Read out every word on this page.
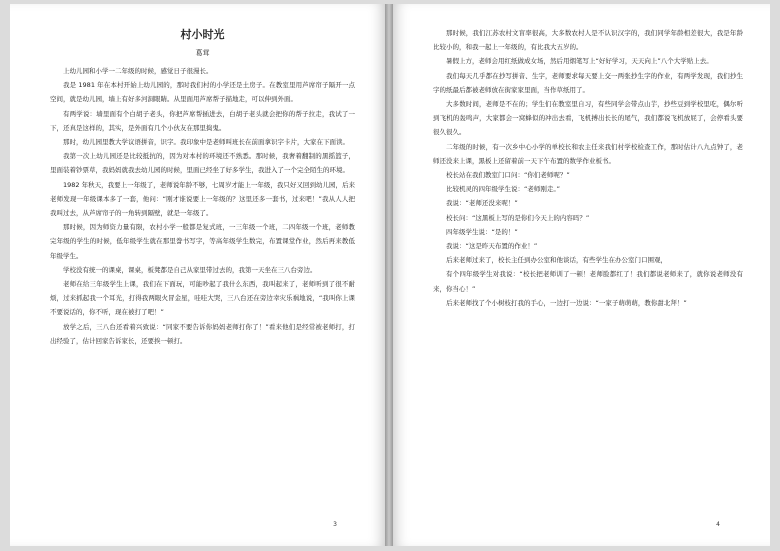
村小时光
葛茸

上幼儿园和小学一二年级的时候，感觉日子很漫长。

我是 1981 年在本村开始上幼儿园的，那时我们村的小学还是土房子。在教室里用芦席帘子隔开一点空间，就是幼儿园，墙上有好多河洞眼睛。从里面用芦席帮子描地走，可以伸到外面。

有两学说：墙里面有个白胡子老头，你把芦席帮插进去，白胡子老头就会把你的帮子拉走，我试了一下，还真是这样的，其实，是外面有几个小伙友在那里捣鬼。

那时，幼儿园里教大学议语拼音，识字。我印象中是老师叫班长在前面拿识字卡片，大家在下面读。

我第一次上幼儿园还是比较抵抗的，因为对本村的环境还不熟悉。那时候，我奢着翻制的黑摇篮子，里面装着钞票草，我妈妈就我去幼儿园的时候，里面已经坐了好多学生，我进入了一个完全陌生的环境。

1982 年秋天，我要上一年级了，老师说年龄不够，七周岁才能上一年级，我只好又回到幼儿园，后来老师发现一年级课本多了一套，他问：“刚才谁说要上一年级的？这里还多一套书，过来吧！”我从人人把我叫过去，从芦席帘子的一角转到隔壁，就是一年级了。

那时候，因为师资力量有限，农村小学一般都是复式班，一三年级一个班，二四年级一个班，老师教完年级的学生的时候，低年级学生就在那里誊书写字，等高年级学生数完，布置课堂作业，然后再来教低年级学生。

学校没有统一的课桌，课桌，板凳都是自己从家里带过去的，我第一天坐在三八台旁边。

老师在给三年级学生上课，我们在下面玩，可能吵起了我什么东西，我叫起来了，老师听到了很不耐烦，过来抓起我一个耳光，打得我两眼火冒金星，哇哇大哭，三八台还在旁边幸灾乐祸地说，“我叫你上课不要说话的，你不听，现在被打了吧！”

放学之后，三八台还看着兴致说：“同家不要告诉你妈妈老师打你了！”看来他们是经常被老师打，打出经验了，估计回家告诉家长，还要挨一顿打。

3

那时候，我们江苏农村文盲率很高，大多数农村人是不认识汉字的，我们同学年龄相差很大，我是年龄比较小的，和我一起上一年级的，有比我大五岁的。

暑假上方，老师会用红纸做成女场，然后用烟笔写上“好好学习，天天向上”八个大学贴上去。

我们每天几乎都在抄写拼音、生字，老师要求每天要上交一两张抄生字的作业，有两学发现，我们抄生字的纸最后都被老师放在街家家里面，当作草纸用了。

大多数时间，老师是不在的；学生们在教室里自习，有些同学会带点山芋，抄些豆到学校里吃，偶尔听到飞机的轰鸣声，大家都会一窝蜂似的冲出去看，飞机搏出长长的尾气，我们都说飞机放屁了，会停看头要很久很久。

二年级的时候，有一次乡中心小学的单校长和农主任来我们村学校检查工作，那时估计八九点钟了，老师还没来上课，黑板上还留着前一天下午布置的数学作业板书。

校长站在我们教室门口问：“你们老师呢？”

比较机灵的四年级学生说：“老师刚走。”

我说：“老师还没来呢！”

校长问：“这黑板上写的是你们今天上的内容吗？”

四年级学生说：“是的！”

我说：“这是昨天布置的作业！”

后来老师过来了，校长主任到办公室和他谈话，有些学生在办公室门口围观，

有个四年级学生对我说：“校长把老师训了一顿！老师脸都红了！我们都说老师来了，就你说老师没有来，你当心！”

后来老师找了个小树枝打我的手心，一边打一边说：“一家子萌萌萌，教你甜北拜！”

4
